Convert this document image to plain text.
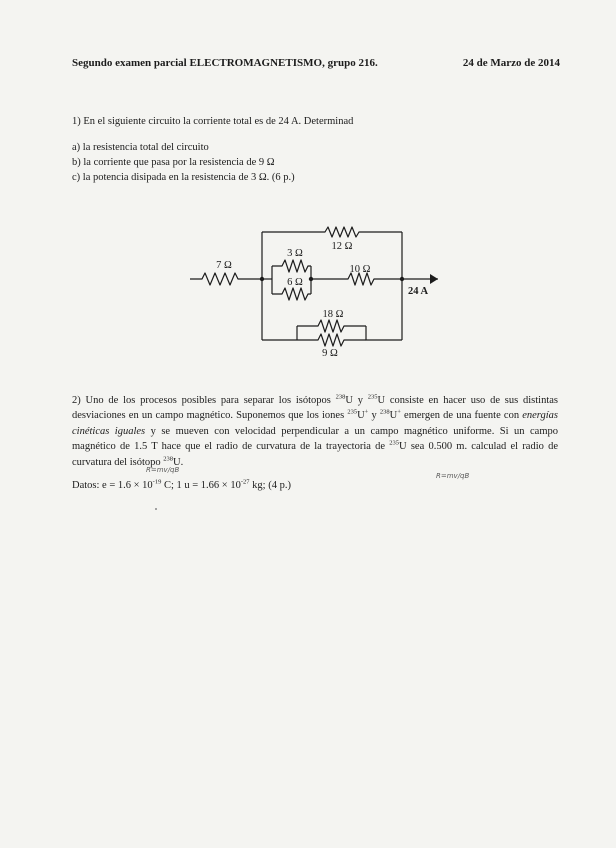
Segundo examen parcial ELECTROMAGNETISMO, grupo 216.	24 de Marzo de 2014
1) En el siguiente circuito la corriente total es de 24 A. Determinad
a) la resistencia total del circuito
b) la corriente que pasa por la resistencia de 9 Ω
c) la potencia disipada en la resistencia de 3 Ω. (6 p.)
7 Ω
12 Ω
3 Ω
6 Ω
10 Ω
18 Ω
9 Ω
24 A
2) Uno de los procesos posibles para separar los isótopos $^{238}$U y $^{235}$U consiste en hacer uso de sus distintas desviaciones en un campo magnético. Suponemos que los iones $^{235}$U+ y $^{238}$U+ emergen de una fuente con energías cinéticas iguales y se mueven con velocidad perpendicular a un campo magnético uniforme. Si un campo magnético de 1.5 T hace que el radio de curvatura de la trayectoria de $^{235}$U sea 0.500 m. calculad el radio de curvatura del isótopo $^{238}$U.
R=mv/qB
R=mv/qB
Datos: $e = 1.6 \times 10^{-19}$ C; 1 $u = 1.66 \times 10^{-27}$ kg; (4 p.)
